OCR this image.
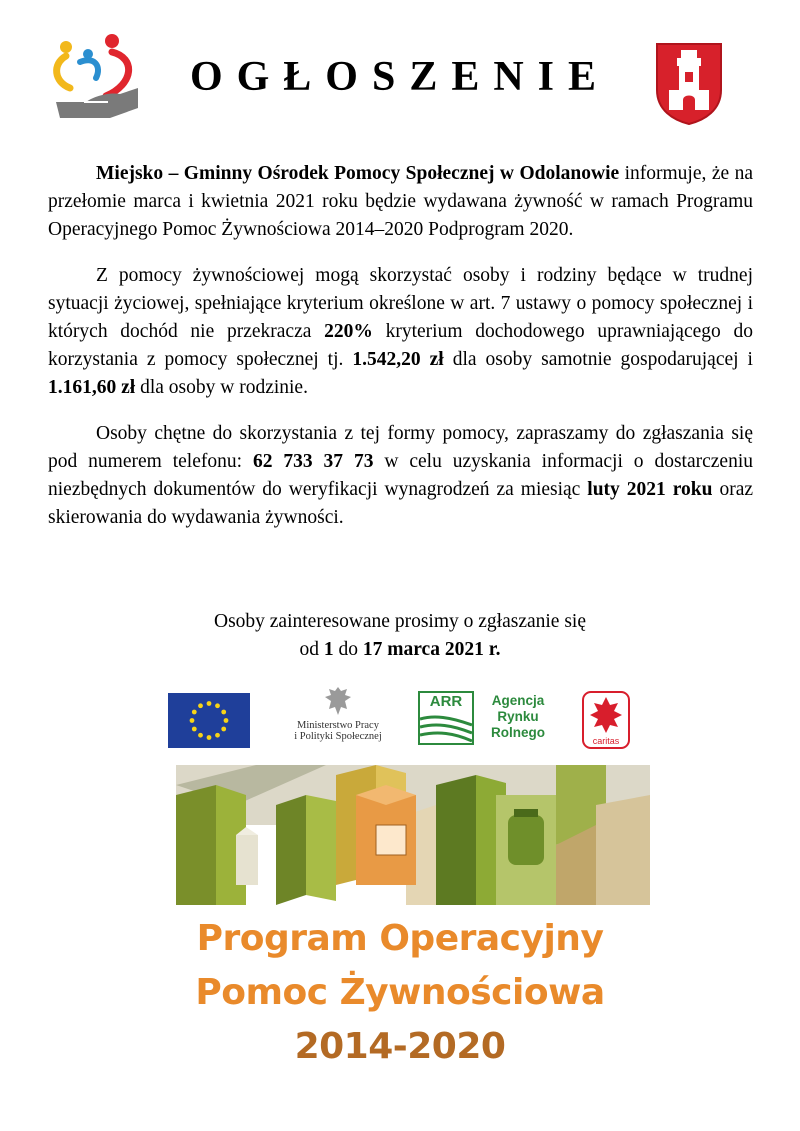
OGŁOSZENIE

Miejsko – Gminny Ośrodek Pomocy Społecznej w Odolanowie informuje, że na przełomie marca i kwietnia 2021 roku będzie wydawana żywność w ramach Programu Operacyjnego Pomoc Żywnościowa 2014–2020 Podprogram 2020.

Z pomocy żywnościowej mogą skorzystać osoby i rodziny będące w trudnej sytuacji życiowej, spełniające kryterium określone w art. 7 ustawy o pomocy społecznej i których dochód nie przekracza 220% kryterium dochodowego uprawniającego do korzystania z pomocy społecznej tj. 1.542,20 zł dla osoby samotnie gospodarującej i 1.161,60 zł dla osoby w rodzinie.

Osoby chętne do skorzystania z tej formy pomocy, zapraszamy do zgłaszania się pod numerem telefonu: 62 733 37 73 w celu uzyskania informacji o dostarczeniu niezbędnych dokumentów do weryfikacji wynagrodzeń za miesiąc luty 2021 roku oraz skierowania do wydawania żywności.

Osoby zainteresowane prosimy o zgłaszanie się
od 1 do 17 marca 2021 r.
Ministerstwo Pracy
i Polityki Społecznej
ARR	Agencja
Rynku
Rolnego
caritas
Program Operacyjny
Pomoc Żywnościowa
2014-2020
